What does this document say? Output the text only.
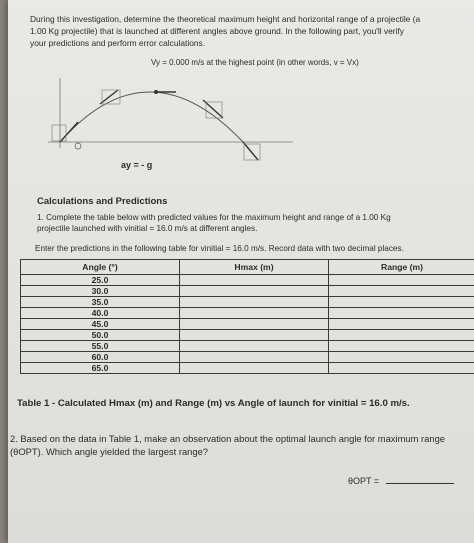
During this investigation, determine the theoretical maximum height and horizontal range of a projectile (a
1.00 Kg projectile) that is launched at different angles above ground. In the following part, you'll verify
your predictions and perform error calculations.
Vy = 0.000 m/s at the highest point (in other words, v = Vx)
ay = - g
Calculations and Predictions
1. Complete the table below with predicted values for the maximum height and range of a 1.00 Kg
projectile launched with vinitial = 16.0 m/s at different angles.
Enter the predictions in the following table for vinitial = 16.0 m/s. Record data with two decimal places.
Angle (°)	Hmax (m)	Range (m)
25.0		
30.0		
35.0		
40.0		
45.0		
50.0		
55.0		
60.0		
65.0		
Table 1 - Calculated Hmax (m) and Range (m) vs Angle of launch for vinitial = 16.0 m/s.
2. Based on the data in Table 1, make an observation about the optimal launch angle for maximum range
(θOPT). Which angle yielded the largest range?
θOPT =
